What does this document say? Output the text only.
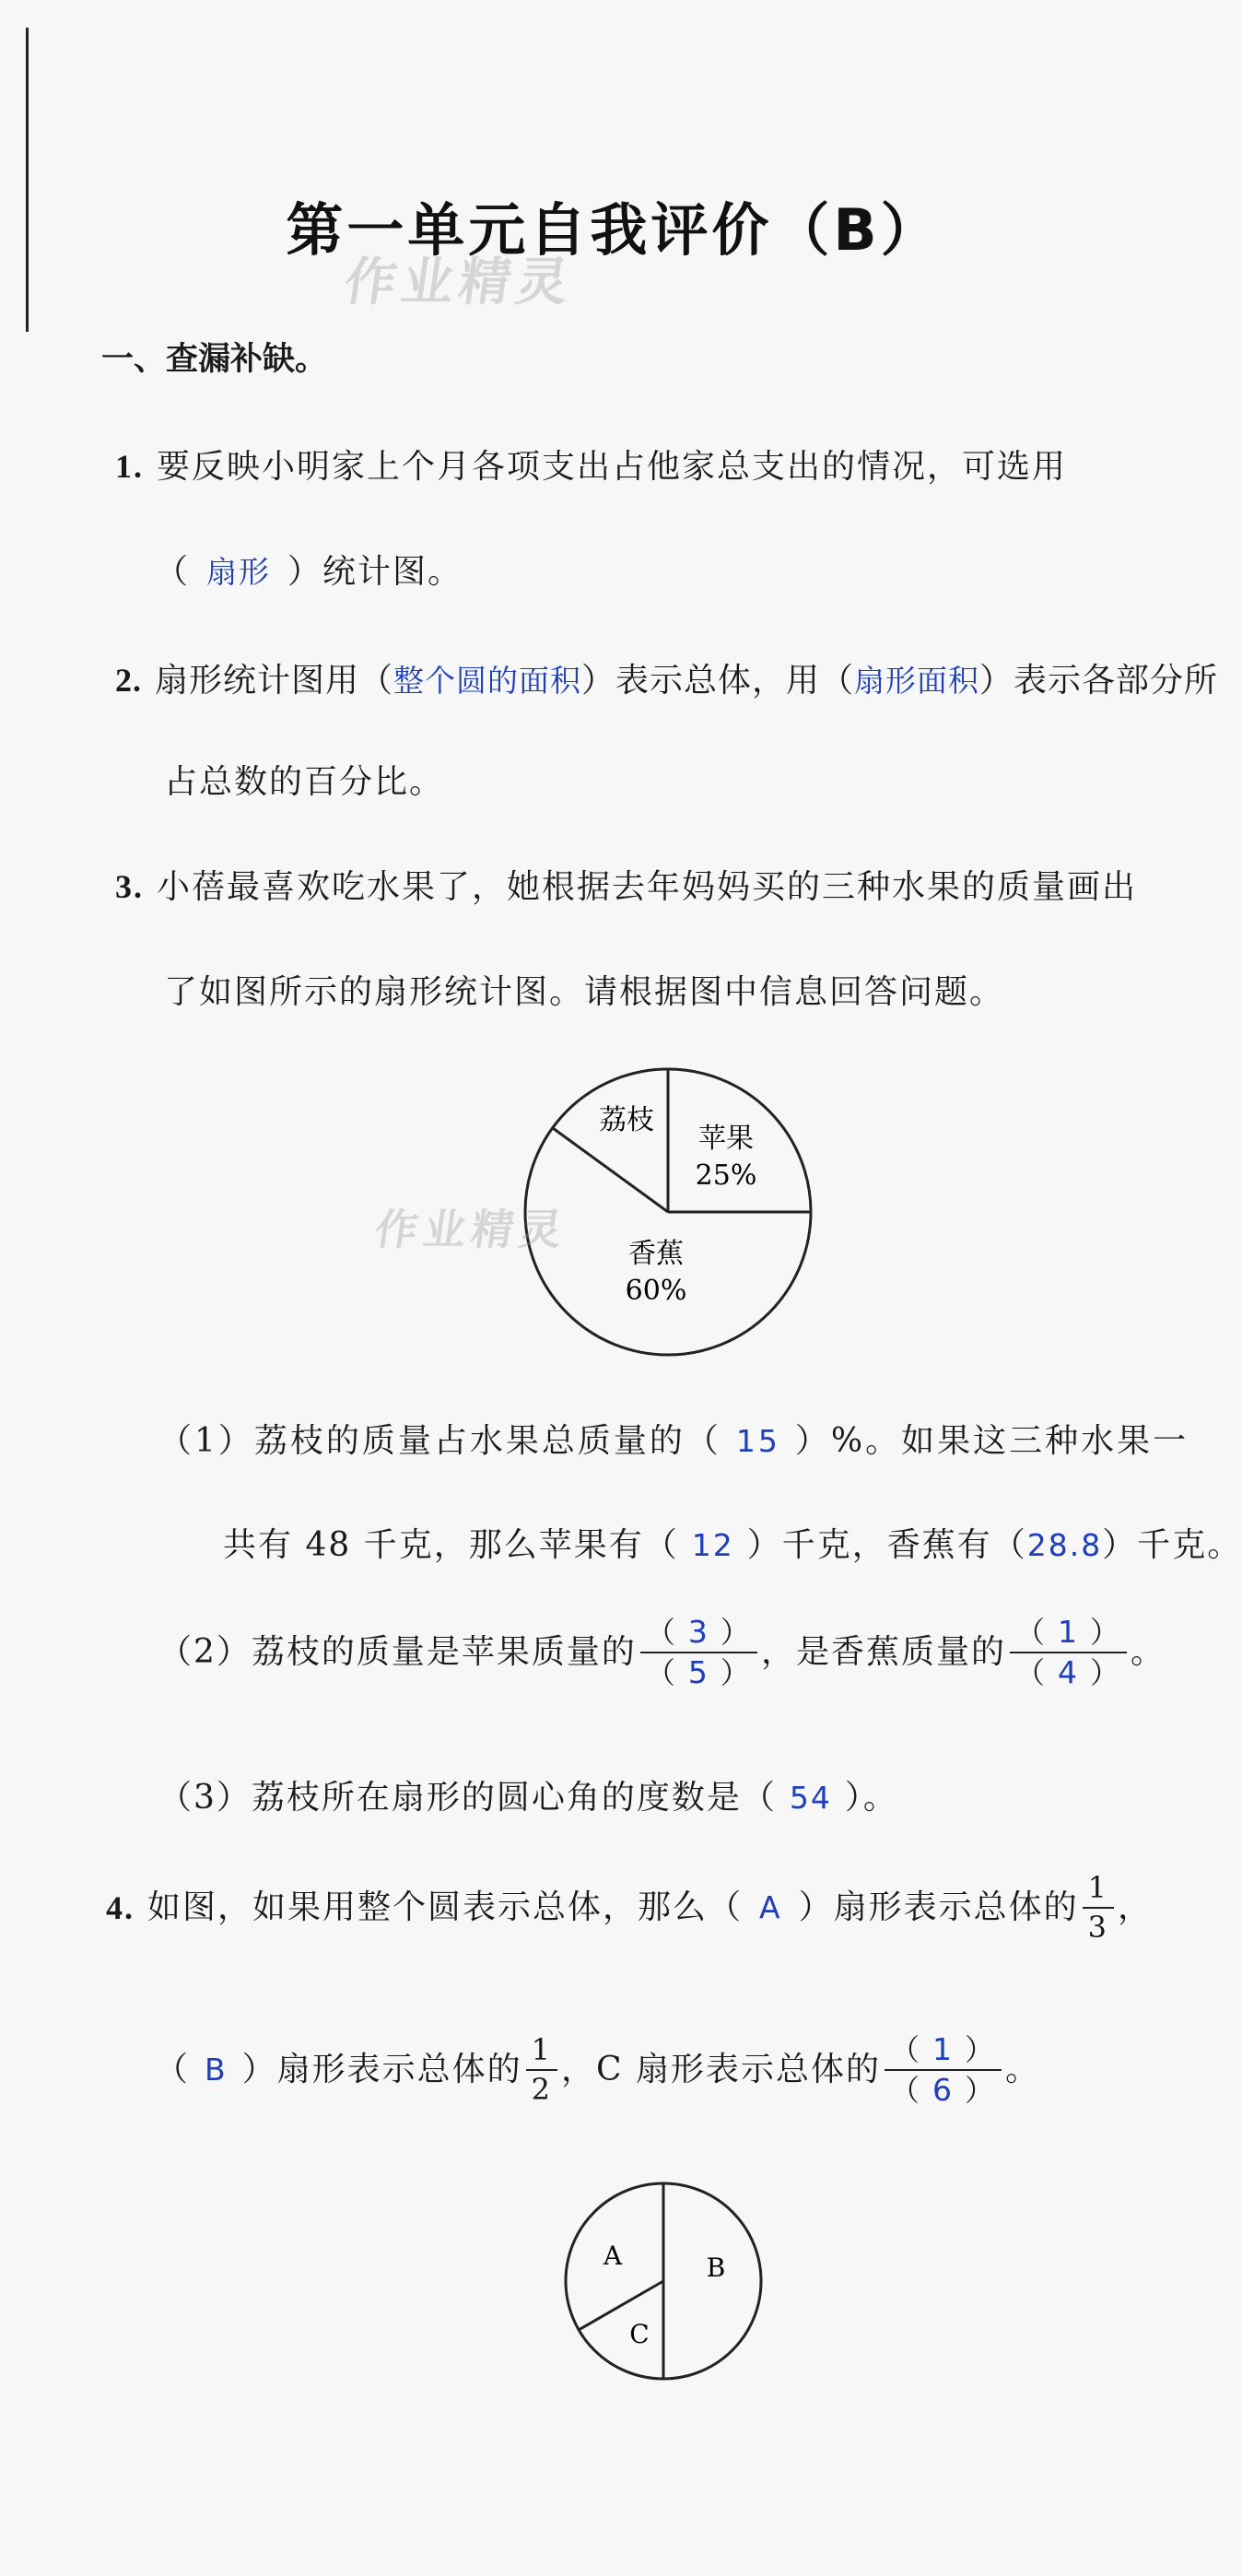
第一单元自我评价（B）
作业精灵
一、查漏补缺。
1. 要反映小明家上个月各项支出占他家总支出的情况，可选用
（ 扇形 ）统计图。
2. 扇形统计图用（整个圆的面积）表示总体，用（扇形面积）表示各部分所
占总数的百分比。
3. 小蓓最喜欢吃水果了，她根据去年妈妈买的三种水果的质量画出
了如图所示的扇形统计图。请根据图中信息回答问题。
荔枝
苹果
25%
香蕉
60%
作业精灵
（1）荔枝的质量占水果总质量的（ 15 ）%。如果这三种水果一
共有 48 千克，那么苹果有（ 12 ）千克，香蕉有（28.8）千克。
（2）荔枝的质量是苹果质量的 $\frac{( 3 )}{( 5 )}$ ，是香蕉质量的 $\frac{( 1 )}{( 4 )}$ 。
（3）荔枝所在扇形的圆心角的度数是（ 54 ）。
4. 如图，如果用整个圆表示总体，那么（ A ）扇形表示总体的 $\frac{1}{3}$ ，
（ B ）扇形表示总体的 $\frac{1}{2}$ ，C 扇形表示总体的 $\frac{( 1 )}{( 6 )}$ 。
A	B
C
